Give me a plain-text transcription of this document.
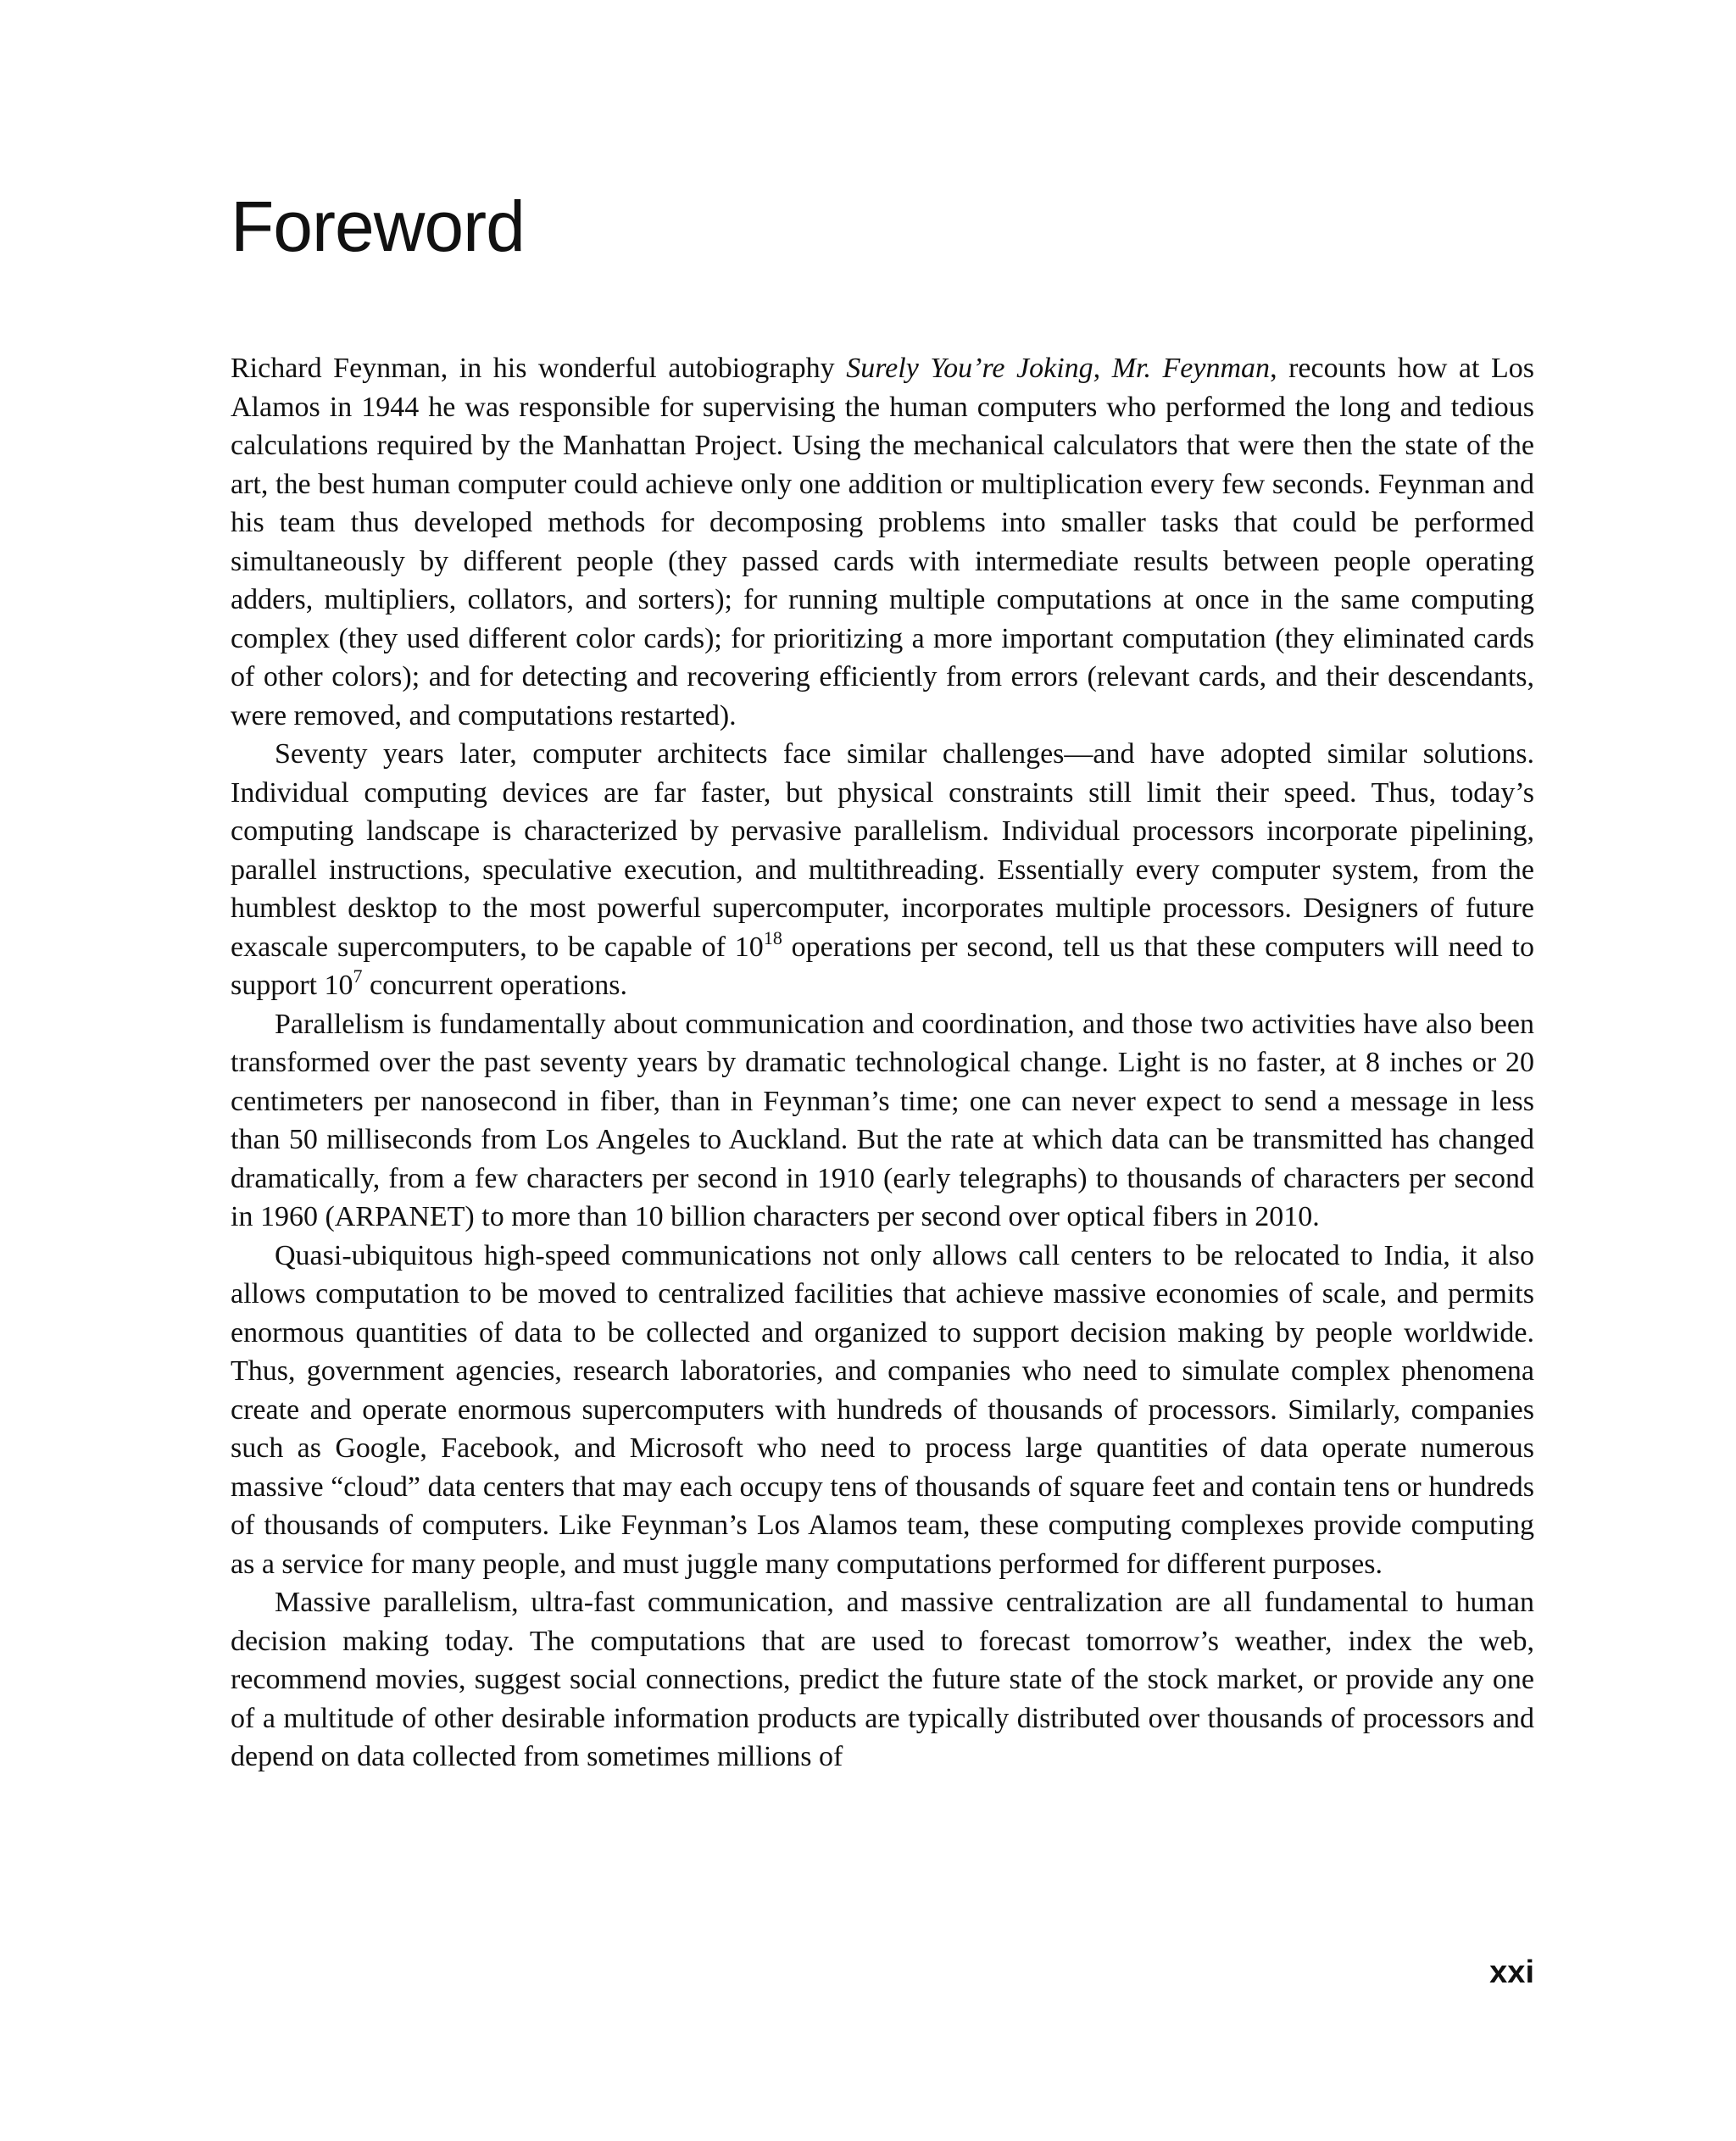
Foreword

Richard Feynman, in his wonderful autobiography Surely You’re Joking, Mr. Feynman, recounts how at Los Alamos in 1944 he was responsible for supervising the human computers who performed the long and tedious calculations required by the Manhattan Project. Using the mechanical calculators that were then the state of the art, the best human computer could achieve only one addition or multiplication every few seconds. Feynman and his team thus developed methods for decomposing problems into smaller tasks that could be performed simultaneously by different people (they passed cards with intermediate results between people operating adders, multipliers, collators, and sorters); for running multiple computations at once in the same computing complex (they used different color cards); for prioritizing a more important computation (they eliminated cards of other colors); and for detecting and recovering efficiently from errors (relevant cards, and their descendants, were removed, and computations restarted).

Seventy years later, computer architects face similar challenges—and have adopted similar solutions. Individual computing devices are far faster, but physical constraints still limit their speed. Thus, today’s computing landscape is characterized by pervasive parallelism. Individual processors incorporate pipelining, parallel instructions, speculative execution, and multithreading. Essentially every computer system, from the humblest desktop to the most powerful supercomputer, incorporates multiple processors. Designers of future exascale supercomputers, to be capable of $10^{18}$ operations per second, tell us that these computers will need to support $10^7$ concurrent operations.

Parallelism is fundamentally about communication and coordination, and those two activities have also been transformed over the past seventy years by dramatic technological change. Light is no faster, at 8 inches or 20 centimeters per nanosecond in fiber, than in Feynman’s time; one can never expect to send a message in less than 50 milliseconds from Los Angeles to Auckland. But the rate at which data can be transmitted has changed dramatically, from a few characters per second in 1910 (early telegraphs) to thousands of characters per second in 1960 (ARPANET) to more than 10 billion characters per second over optical fibers in 2010.

Quasi-ubiquitous high-speed communications not only allows call centers to be relocated to India, it also allows computation to be moved to centralized facilities that achieve massive economies of scale, and permits enormous quantities of data to be collected and organized to support decision making by people worldwide. Thus, government agencies, research laboratories, and companies who need to simulate complex phenomena create and operate enormous supercomputers with hundreds of thousands of processors. Similarly, companies such as Google, Facebook, and Microsoft who need to process large quantities of data operate numerous massive “cloud” data centers that may each occupy tens of thousands of square feet and contain tens or hundreds of thousands of computers. Like Feynman’s Los Alamos team, these computing complexes provide computing as a service for many people, and must juggle many computations performed for different purposes.

Massive parallelism, ultra-fast communication, and massive centralization are all fundamental to human decision making today. The computations that are used to forecast tomorrow’s weather, index the web, recommend movies, suggest social connections, predict the future state of the stock market, or provide any one of a multitude of other desirable information products are typically distributed over thousands of processors and depend on data collected from sometimes millions of

xxi
